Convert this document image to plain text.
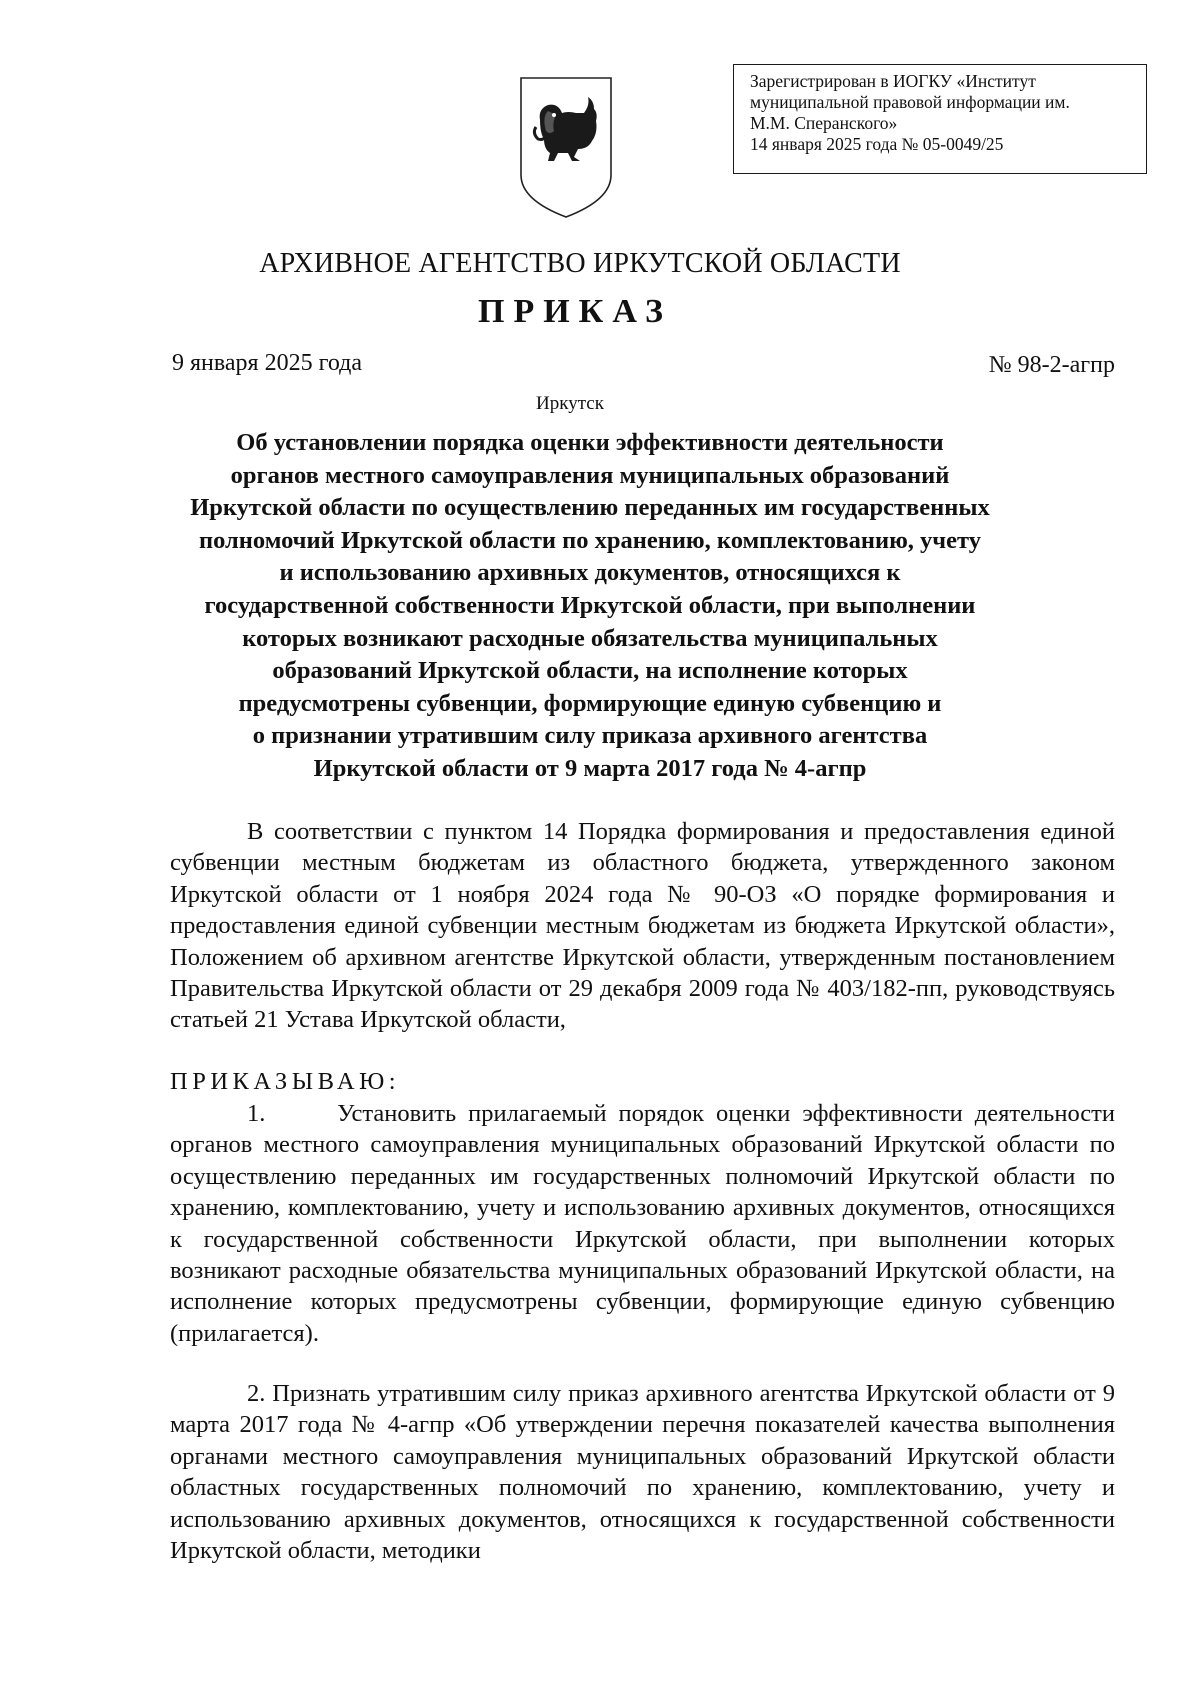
Зарегистрирован в ИОГКУ «Институт
муниципальной правовой информации им.
М.М. Сперанского»
14 января 2025 года № 05-0049/25
АРХИВНОЕ АГЕНТСТВО ИРКУТСКОЙ ОБЛАСТИ
ПРИКАЗ
9 января 2025 года	№ 98-2-агпр
Иркутск
Об установлении порядка оценки эффективности деятельности
органов местного самоуправления муниципальных образований
Иркутской области по осуществлению переданных им государственных
полномочий Иркутской области по хранению, комплектованию, учету
и использованию архивных документов, относящихся к
государственной собственности Иркутской области, при выполнении
которых возникают расходные обязательства муниципальных
образований Иркутской области, на исполнение которых
предусмотрены субвенции, формирующие единую субвенцию и
о признании утратившим силу приказа архивного агентства
Иркутской области от 9 марта 2017 года № 4-агпр
В соответствии с пунктом 14 Порядка формирования и предоставления единой субвенции местным бюджетам из областного бюджета, утвержденного законом Иркутской области от 1 ноября 2024 года № 90-ОЗ «О порядке формирования и предоставления единой субвенции местным бюджетам из бюджета Иркутской области», Положением об архивном агентстве Иркутской области, утвержденным постановлением Правительства Иркутской области от 29 декабря 2009 года № 403/182-пп, руководствуясь статьей 21 Устава Иркутской области,
ПРИКАЗЫВАЮ:
1.	Установить прилагаемый порядок оценки эффективности деятельности органов местного самоуправления муниципальных образований Иркутской области по осуществлению переданных им государственных полномочий Иркутской области по хранению, комплектованию, учету и использованию архивных документов, относящихся к государственной собственности Иркутской области, при выполнении которых возникают расходные обязательства муниципальных образований Иркутской области, на исполнение которых предусмотрены субвенции, формирующие единую субвенцию (прилагается).
2. Признать утратившим силу приказ архивного агентства Иркутской области от 9 марта 2017 года № 4-агпр «Об утверждении перечня показателей качества выполнения органами местного самоуправления муниципальных образований Иркутской области областных государственных полномочий по хранению, комплектованию, учету и использованию архивных документов, относящихся к государственной собственности Иркутской области, методики
